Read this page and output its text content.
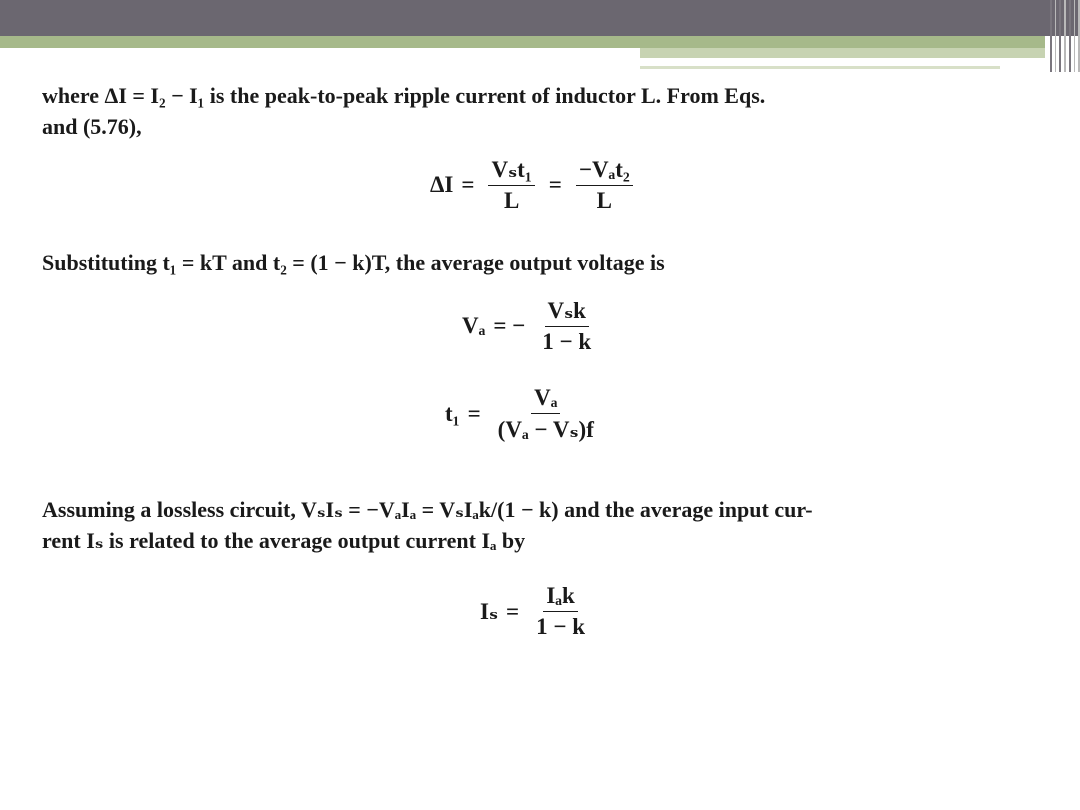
where ΔI = I₂ − I₁ is the peak-to-peak ripple current of inductor L. From Eqs.
and (5.76),
$\Delta I = \frac{\text{Vₛt₁}}{L} = \frac{\text{−Vₐt₂}}{L}$
Substituting t₁ = kT and t₂ = (1 − k)T, the average output voltage is
Vₐ = − $\frac{\text{Vₛk}}{1 - k}$
$t_1 = \frac{\text{Vₐ}}{\text{(Vₐ − Vₛ)f}}$
Assuming a lossless circuit, VₛIₛ = −VₐIₐ = VₛIₐk/(1 − k) and the average input cur-
rent Iₛ is related to the average output current Iₐ by
$I_s = \frac{\text{Iₐk}}{1 - k}$
